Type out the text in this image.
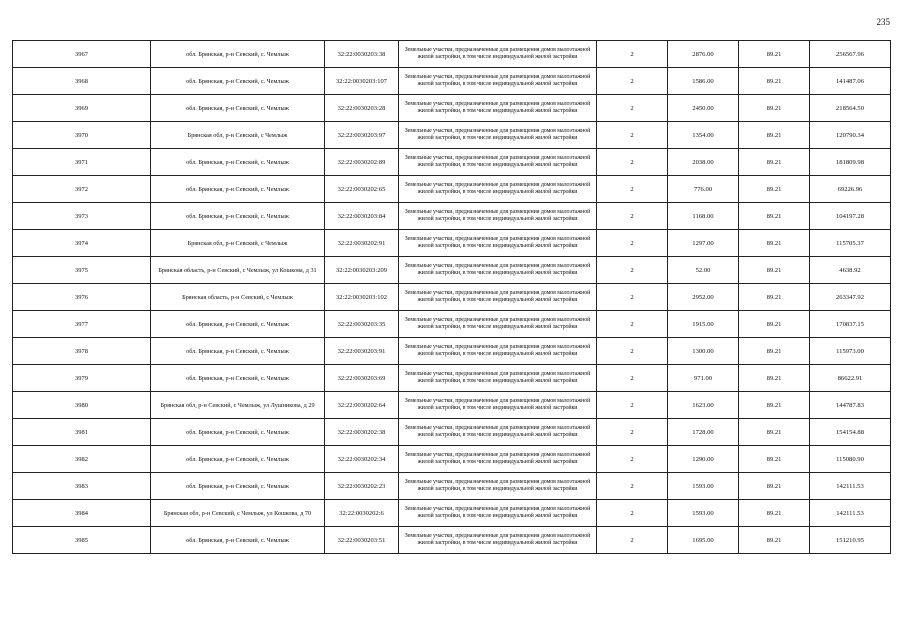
235
3967	обл. Брянская, р-н Севский, с. Чемлыж	32:22:0030203:38	Земельные участки, предназначенные для размещения домов малоэтажной жилой застройки, в том числе индивидуальной жилой застройки	2	2876.00	89.21	256567.96
3968	обл. Брянская, р-н Севский, с. Чемлыж	32:22:0030203:107	Земельные участки, предназначенные для размещения домов малоэтажной жилой застройки, в том числе индивидуальной жилой застройки	2	1586.00	89.21	141487.06
3969	обл. Брянская, р-н Севский, с. Чемлыж	32:22:0030203:28	Земельные участки, предназначенные для размещения домов малоэтажной жилой застройки, в том числе индивидуальной жилой застройки	2	2450.00	89.21	218564.50
3970	Брянская обл, р-н Севский, с Чемлыж	32:22:0030203:97	Земельные участки, предназначенные для размещения домов малоэтажной жилой застройки, в том числе индивидуальной жилой застройки	2	1354.00	89.21	120790.34
3971	обл. Брянская, р-н Севский, с. Чемлыж	32:22:0030202:89	Земельные участки, предназначенные для размещения домов малоэтажной жилой застройки, в том числе индивидуальной жилой застройки	2	2038.00	89.21	181809.98
3972	обл. Брянская, р-н Севский, с. Чемлыж	32:22:0030202:65	Земельные участки, предназначенные для размещения домов малоэтажной жилой застройки, в том числе индивидуальной жилой застройки	2	776.00	89.21	69226.96
3973	обл. Брянская, р-н Севский, с. Чемлыж	32:22:0030203:84	Земельные участки, предназначенные для размещения домов малоэтажной жилой застройки, в том числе индивидуальной жилой застройки	2	1168.00	89.21	104197.28
3974	Брянская обл, р-н Севский, с Чемлыж	32:22:0030202:91	Земельные участки, предназначенные для размещения домов малоэтажной жилой застройки, в том числе индивидуальной жилой застройки	2	1297.00	89.21	115705.37
3975	Брянская область, р-н Севский, с Чемлыж, ул Кошкова, д 31	32:22:0030203:209	Земельные участки, предназначенные для размещения домов малоэтажной жилой застройки, в том числе индивидуальной жилой застройки	2	52.00	89.21	4638.92
3976	Брянская область, р-н Севский, с Чемлыж	32:22:0030203:102	Земельные участки, предназначенные для размещения домов малоэтажной жилой застройки, в том числе индивидуальной жилой застройки	2	2952.00	89.21	263347.92
3977	обл. Брянская, р-н Севский, с. Чемлыж	32:22:0030203:35	Земельные участки, предназначенные для размещения домов малоэтажной жилой застройки, в том числе индивидуальной жилой застройки	2	1915.00	89.21	170837.15
3978	обл. Брянская, р-н Севский, с. Чемлыж	32:22:0030203:91	Земельные участки, предназначенные для размещения домов малоэтажной жилой застройки, в том числе индивидуальной жилой застройки	2	1300.00	89.21	115973.00
3979	обл. Брянская, р-н Севский, с. Чемлыж	32:22:0030203:69	Земельные участки, предназначенные для размещения домов малоэтажной жилой застройки, в том числе индивидуальной жилой застройки	2	971.00	89.21	86622.91
3980	Брянская обл, р-н Севский, с Чемлыж, ул Лушникова, д 29	32:22:0030202:64	Земельные участки, предназначенные для размещения домов малоэтажной жилой застройки, в том числе индивидуальной жилой застройки	2	1623.00	89.21	144787.83
3981	обл. Брянская, р-н Севский, с. Чемлыж	32:22:0030202:38	Земельные участки, предназначенные для размещения домов малоэтажной жилой застройки, в том числе индивидуальной жилой застройки	2	1728.00	89.21	154154.88
3982	обл. Брянская, р-н Севский, с. Чемлыж	32:22:0030202:34	Земельные участки, предназначенные для размещения домов малоэтажной жилой застройки, в том числе индивидуальной жилой застройки	2	1290.00	89.21	115080.90
3983	обл. Брянская, р-н Севский, с. Чемлыж	32:22:0030202:23	Земельные участки, предназначенные для размещения домов малоэтажной жилой застройки, в том числе индивидуальной жилой застройки	2	1593.00	89.21	142111.53
3984	Брянская обл, р-н Севский, с Чемлыж, ул Кошкова, д 70	32:22:0030202:6	Земельные участки, предназначенные для размещения домов малоэтажной жилой застройки, в том числе индивидуальной жилой застройки	2	1593.00	89.21	142111.53
3985	обл. Брянская, р-н Севский, с. Чемлыж	32:22:0030203:51	Земельные участки, предназначенные для размещения домов малоэтажной жилой застройки, в том числе индивидуальной жилой застройки	2	1695.00	89.21	151210.95
